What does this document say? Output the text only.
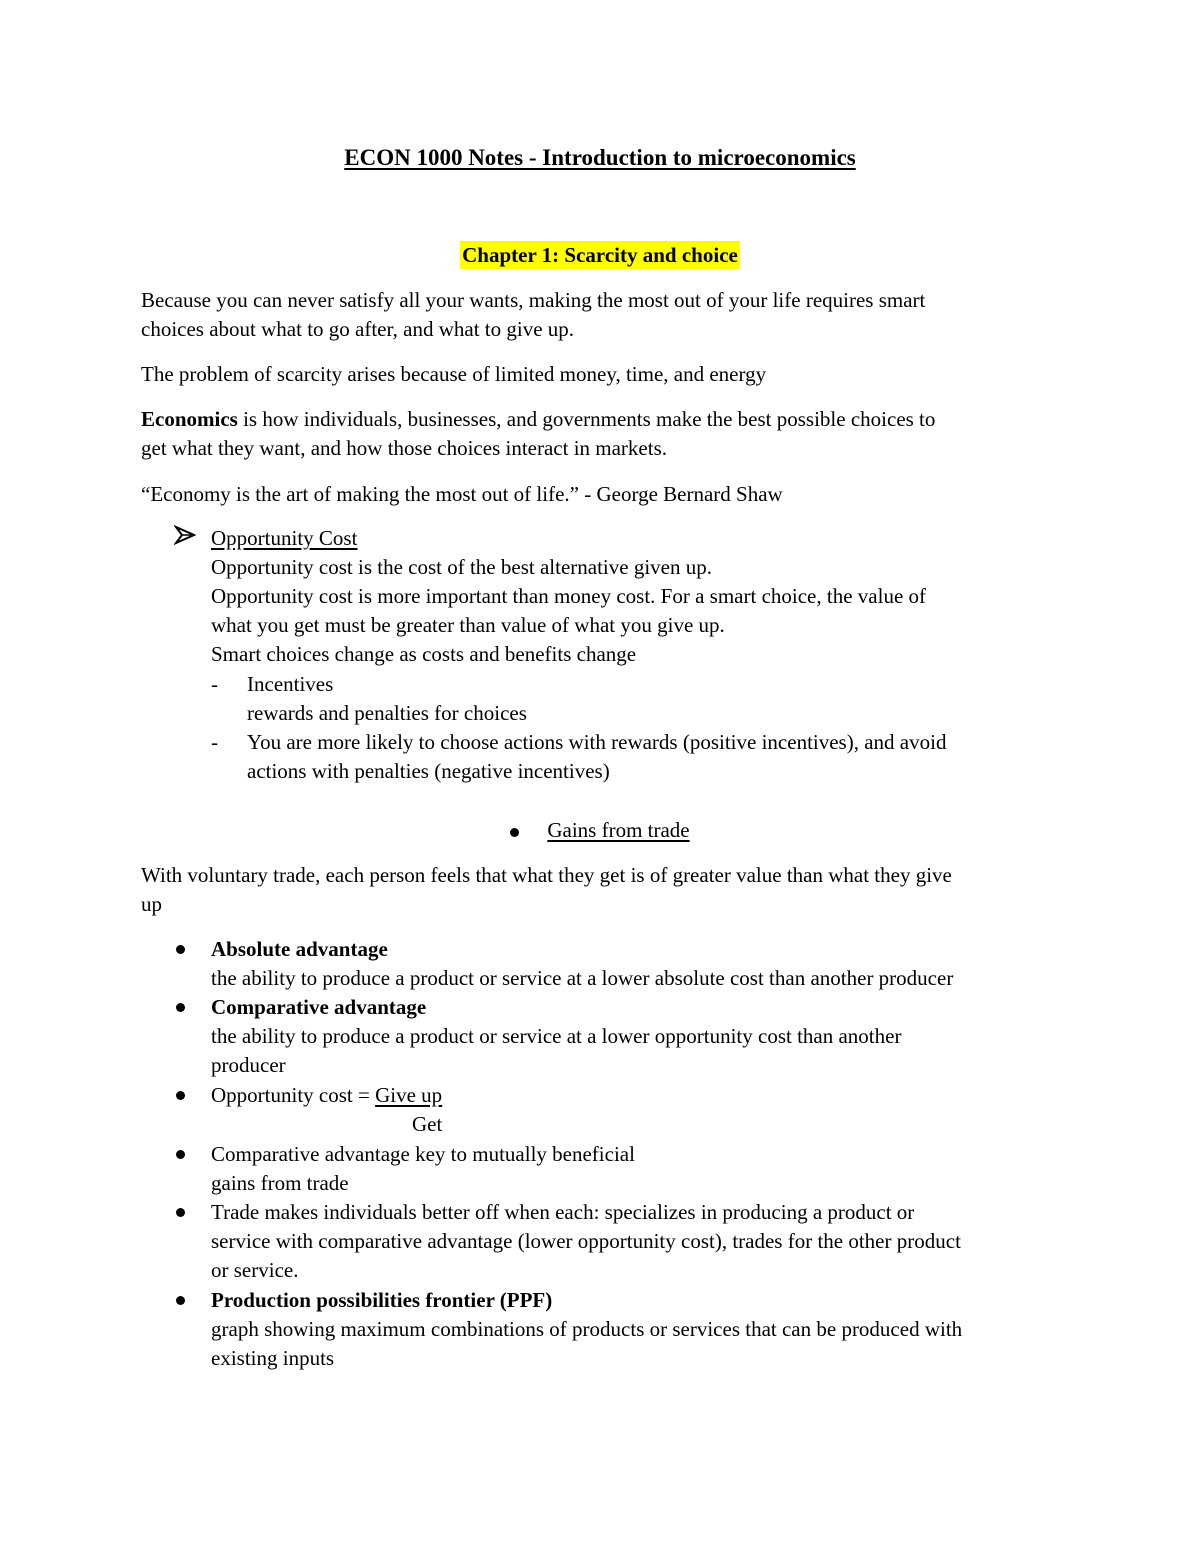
ECON 1000 Notes - Introduction to microeconomics
Chapter 1: Scarcity and choice
Because you can never satisfy all your wants, making the most out of your life requires smart
choices about what to go after, and what to give up.
The problem of scarcity arises because of limited money, time, and energy
Economics is how individuals, businesses, and governments make the best possible choices to
get what they want, and how those choices interact in markets.
“Economy is the art of making the most out of life.” - George Bernard Shaw
Opportunity Cost
Opportunity cost is the cost of the best alternative given up.
Opportunity cost is more important than money cost. For a smart choice, the value of
what you get must be greater than value of what you give up.
Smart choices change as costs and benefits change
- Incentives
rewards and penalties for choices
- You are more likely to choose actions with rewards (positive incentives), and avoid
actions with penalties (negative incentives)
Gains from trade
With voluntary trade, each person feels that what they get is of greater value than what they give
up
Absolute advantage
the ability to produce a product or service at a lower absolute cost than another producer
Comparative advantage
the ability to produce a product or service at a lower opportunity cost than another
producer
Opportunity cost = Give up
Get
Comparative advantage key to mutually beneficial
gains from trade
Trade makes individuals better off when each: specializes in producing a product or
service with comparative advantage (lower opportunity cost), trades for the other product
or service.
Production possibilities frontier (PPF)
graph showing maximum combinations of products or services that can be produced with
existing inputs
